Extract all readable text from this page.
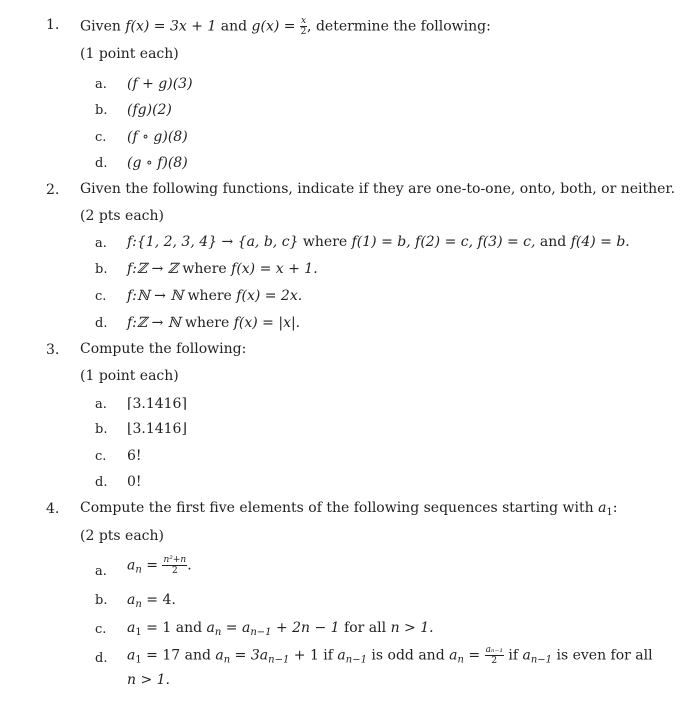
1.	Given f(x) = 3x + 1 and $g(x) = \frac{x}{2}$ , determine the following:
(1 point each)
a.	(f + g)(3)
b.	(fg)(2)
c.	(f ∘ g)(8)
d.	(g ∘ f)(8)
2.	Given the following functions, indicate if they are one-to-one, onto, both, or neither.
(2 pts each)
a.	f:{1, 2, 3, 4} → {a, b, c} where f(1) = b, f(2) = c, f(3) = c, and f(4) = b.
b.	f:ℤ → ℤ where f(x) = x + 1.
c.	f:ℕ → ℕ where f(x) = 2x.
d.	f:ℤ → ℕ where f(x) = |x|.
3.	Compute the following:
(1 point each)
a.	⌈3.1416⌉
b.	⌊3.1416⌋
c.	6!
d.	0!
4.	Compute the first five elements of the following sequences starting with $a_1$:
(2 pts each)
a.	$a_n = \frac{\text{n²+n}}{2}$ .
b.	$a_n = 4$.
c.	$a_1 = 1$ and $a_n = a_{n-1} + 2n - 1$ for all n > 1.
d.	$a_1 = 17$ and $a_n = 3a_{n-1} + 1$ if $a_{n-1}$ is odd and $a_n = \frac{\text{aₙ₋₁}}{2}$ if $a_{n-1}$ is even for all
n > 1.
